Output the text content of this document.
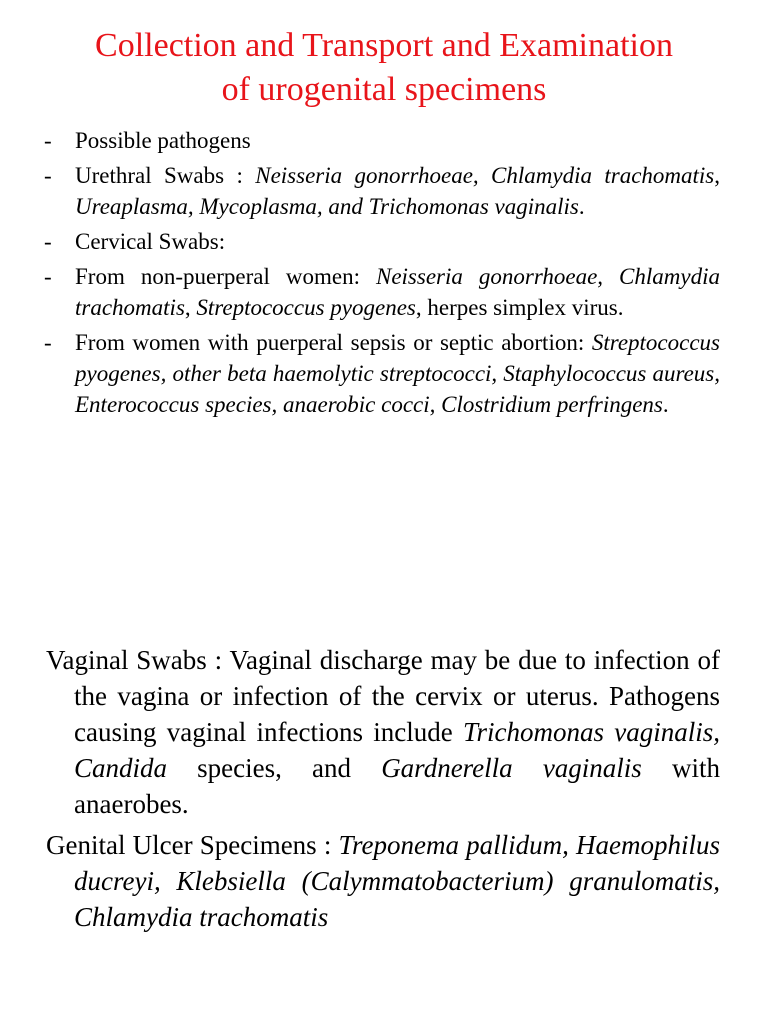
Collection and Transport and Examination
of urogenital specimens
- Possible pathogens
- Urethral Swabs : Neisseria gonorrhoeae, Chlamydia trachomatis, Ureaplasma, Mycoplasma, and Trichomonas vaginalis.
- Cervical Swabs:
- From non-puerperal women: Neisseria gonorrhoeae, Chlamydia trachomatis, Streptococcus pyogenes, herpes simplex virus.
- From women with puerperal sepsis or septic abortion: Streptococcus pyogenes, other beta haemolytic streptococci, Staphylococcus aureus, Enterococcus species, anaerobic cocci, Clostridium perfringens.

Vaginal Swabs : Vaginal discharge may be due to infection of the vagina or infection of the cervix or uterus. Pathogens causing vaginal infections include Trichomonas vaginalis, Candida species, and Gardnerella vaginalis with anaerobes.

Genital Ulcer Specimens : Treponema pallidum, Haemophilus ducreyi, Klebsiella (Calymmatobacterium) granulomatis, Chlamydia trachomatis
